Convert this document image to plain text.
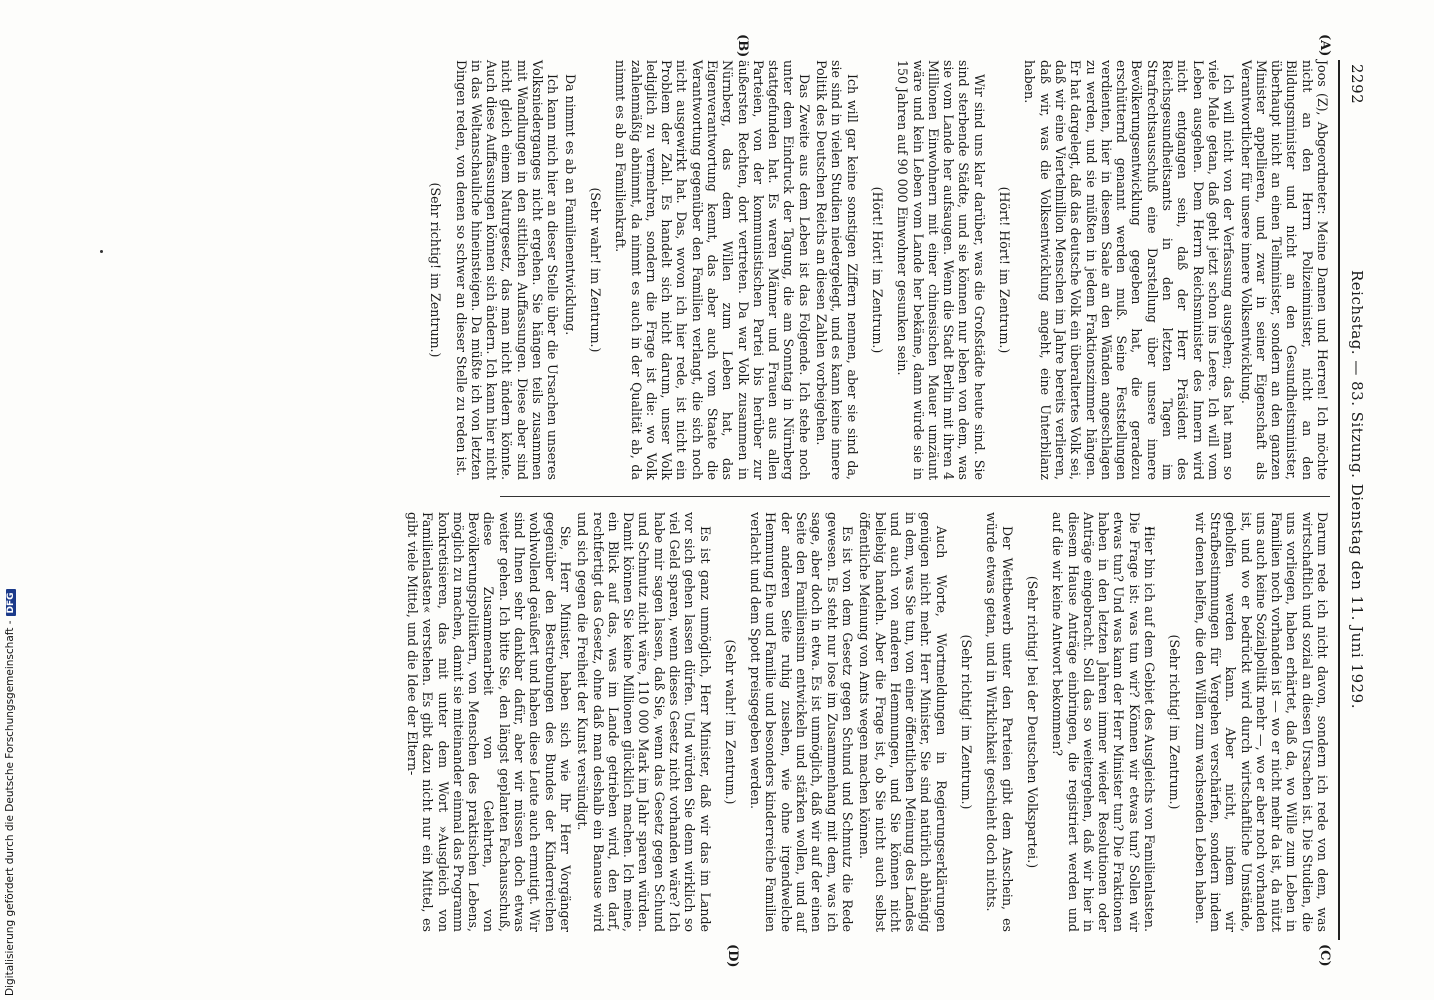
2292
Reichstag. — 83. Sitzung. Dienstag den 11. Juni 1929.
(A)
(B)
(C)
(D)

Joos (Z), Abgeordneter: Meine Damen und Herren! Ich möchte nicht an den Herrn Polizeiminister, nicht an den Bildungsminister und nicht an den Gesundheitsminister, überhaupt nicht an einen Teilminister, sondern an den ganzen Minister appellieren, und zwar in seiner Eigenschaft als Verantwortlicher für unsere innere Volksentwicklung.

Ich will nicht von der Verfassung ausgehen; das hat man so viele Male getan, daß geht jetzt schon ins Leere. Ich will vom Leben ausgehen. Dem Herrn Reichsminister des Innern wird nicht entgangen sein, daß der Herr Präsident des Reichsgesundheitsamts in den letzten Tagen im Strafrechtsausschuß eine Darstellung über unsere innere Bevölkerungsentwicklung gegeben hat, die geradezu erschütternd genannt werden muß. Seine Feststellungen verdienten, hier in diesem Saale an den Wänden angeschlagen zu werden, und sie müßten in jedem Fraktionszimmer hängen. Er hat dargelegt, daß das deutsche Volk ein überaltertes Volk sei, daß wir eine Viertelmillion Menschen im Jahre bereits verlieren, daß wir, was die Volksentwicklung angeht, eine Unterbilanz haben.

(Hört! Hört! im Zentrum.)

Wir sind uns klar darüber, was die Großstädte heute sind. Sie sind sterbende Städte, und sie können nur leben von dem, was sie vom Lande her aufsaugen. Wenn die Stadt Berlin mit ihren 4 Millionen Einwohnern mit einer chinesischen Mauer umzäunt wäre und kein Leben vom Lande her bekäme, dann würde sie in 150 Jahren auf 90 000 Einwohner gesunken sein.

(Hört! Hört! im Zentrum.)

Ich will gar keine sonstigen Ziffern nennen, aber sie sind da, sie sind in vielen Studien niedergelegt, und es kann keine innere Politik des Deutschen Reichs an diesen Zahlen vorbeigehen.

Das Zweite aus dem Leben ist das Folgende. Ich stehe noch unter dem Eindruck der Tagung, die am Sonntag in Nürnberg stattgefunden hat. Es waren Männer und Frauen aus allen Parteien, von der kommunistischen Partei bis herüber zur äußersten Rechten, dort vertreten. Da war Volk zusammen in Nürnberg, das dem Willen zum Leben hat, das Eigenverantwortung kennt, das aber auch vom Staate die Verantwortung gegenüber den Familien verlangt, die sich noch nicht ausgewirkt hat. Das, wovon ich hier rede, ist nicht ein Problem der Zahl. Es handelt sich nicht darum, unser Volk lediglich zu vermehren, sondern die Frage ist die: wo Volk zahlenmäßig abnimmt, da nimmt es auch in der Qualität ab, da nimmt es ab an Familienkraft.

(Sehr wahr! im Zentrum.)

Da nimmt es ab an Familienentwicklung.

Ich kann mich hier an dieser Stelle über die Ursachen unseres Volksniederganges nicht ergehen. Sie hängen teils zusammen mit Wandlungen in den sittlichen Auffassungen. Diese aber sind nicht gleich einem Naturgesetz, das man nicht ändern könnte. Auch diese Auffassungen können sich ändern. Ich kann hier nicht in das Weltanschauliche hineinsteigen. Da müßte ich von letzten Dingen reden, von denen so schwer an dieser Stelle zu reden ist.

(Sehr richtig! im Zentrum.)

Darum rede ich nicht davon, sondern ich rede von dem, was wirtschaftlich und sozial an diesen Ursachen ist. Die Studien, die uns vorliegen, haben erhärtet, daß da, wo Wille zum Leben in Familien noch vorhanden ist — wo er nicht mehr da ist, da nützt uns auch keine Sozialpolitik mehr —, wo er aber noch vorhanden ist, und wo er bedrückt wird durch wirtschaftliche Umstände, geholfen werden kann. Aber nicht, indem wir Strafbestimmungen für Vergehen verschärfen, sondern indem wir denen helfen, die den Willen zum wachsenden Leben haben.

(Sehr richtig! im Zentrum.)

Hier bin ich auf dem Gebiet des Ausgleichs von Familienlasten. Die Frage ist: was tun wir? Können wir etwas tun? Sollen wir etwas tun? Und was kann der Herr Minister tun? Die Fraktionen haben in den letzten Jahren immer wieder Resolutionen oder Anträge eingebracht. Soll das so weitergehen, daß wir hier in diesem Hause Anträge einbringen, die registriert werden und auf die wir keine Antwort bekommen?

(Sehr richtig! bei der Deutschen Volkspartei.)

Der Wettbewerb unter den Parteien gibt dem Anschein, es würde etwas getan, und in Wirklichkeit geschieht doch nichts.

(Sehr richtig! im Zentrum.)

Auch Worte, Wortmeldungen in Regierungserklärungen genügen nicht mehr. Herr Minister, Sie sind natürlich abhängig in dem, was Sie tun, von einer öffentlichen Meinung des Landes und auch von anderen Hemmungen, und Sie können nicht beliebig handeln. Aber die Frage ist, ob Sie nicht auch selbst öffentliche Meinung von Amts wegen machen können.

Es ist von dem Gesetz gegen Schund und Schmutz die Rede gewesen. Es steht nur lose im Zusammenhang mit dem, was ich sage, aber doch in etwa. Es ist unmöglich, daß wir auf der einen Seite den Familiensinn entwickeln und stärken wollen, und auf der anderen Seite ruhig zusehen, wie ohne irgendwelche Hemmung Ehe und Familie und besonders kinderreiche Familien verlacht und dem Spott preisgegeben werden.

(Sehr wahr! im Zentrum.)

Es ist ganz unmöglich, Herr Minister, daß wir das im Lande vor sich gehen lassen dürfen. Und würden Sie denn wirklich so viel Geld sparen, wenn dieses Gesetz nicht vorhanden wäre? Ich habe mir sagen lassen, daß Sie, wenn das Gesetz gegen Schund und Schmutz nicht wäre, 110 000 Mark im Jahr sparen würden. Damit können Sie keine Millionen glücklich machen. Ich meine, ein Blick auf das, was im Lande getrieben wird, den darf, rechtfertigt das Gesetz, ohne daß man deshalb ein Banause wird und sich gegen die Freiheit der Kunst versündigt.

Sie, Herr Minister, haben sich wie Ihr Herr Vorgänger gegenüber den Bestrebungen des Bundes der Kinderreichen wohlwollend geäußert und haben diese Leute auch ermutigt. Wir sind Ihnen sehr dankbar dafür, aber wir müssen doch etwas weiter gehen. Ich bitte Sie, den längst geplanten Fachausschuß, diese Zusammenarbeit von Gelehrten, von Bevölkerungspolitikern, von Menschen des praktischen Lebens, möglich zu machen, damit sie miteinander einmal das Programm konkretisieren, das mit unter dem Wort »Ausgleich von Familienlasten« verstehen. Es gibt dazu nicht nur ein Mittel, es gibt viele Mittel, und die Idee der Eltern-

Digitalisierung gefördert durch die Deutsche Forschungsgemeinschaft -DFG
